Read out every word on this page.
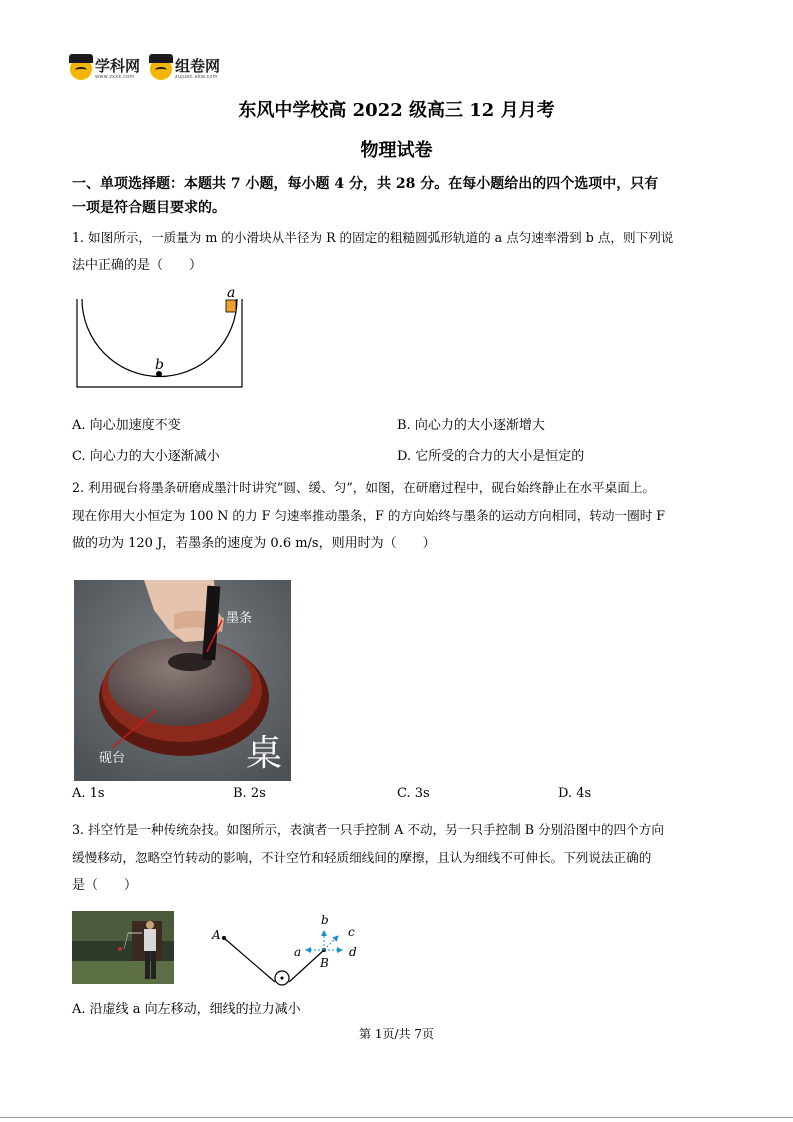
学科网
www.zxxk.com
组卷网
zujuan.xkw.com
东风中学校高 2022 级高三 12 月月考
物理试卷
一、单项选择题：本题共 7 小题，每小题 4 分，共 28 分。在每小题给出的四个选项中，只有
一项是符合题目要求的。
1. 如图所示，一质量为 m 的小滑块从半径为 R 的固定的粗糙圆弧形轨道的 a 点匀速率滑到 b 点，则下列说
法中正确的是（　　）
a
b
A. 向心加速度不变	B. 向心力的大小逐渐增大
C. 向心力的大小逐渐减小	D. 它所受的合力的大小是恒定的
2. 利用砚台将墨条研磨成墨汁时讲究“圆、缓、匀”，如图，在研磨过程中，砚台始终静止在水平桌面上。
现在你用大小恒定为 100 N 的力 F 匀速率推动墨条，F 的方向始终与墨条的运动方向相同，转动一圈时 F
做的功为 120 J，若墨条的速度为 0.6 m/s，则用时为（　　）
墨条
砚台	桌
A. 1s	B. 2s	C. 3s	D. 4s
3. 抖空竹是一种传统杂技。如图所示，表演者一只手控制 A 不动，另一只手控制 B 分别沿图中的四个方向
缓慢移动，忽略空竹转动的影响，不计空竹和轻质细线间的摩擦，且认为细线不可伸长。下列说法正确的
是（　　）
A
B
a
b
c
d
A. 沿虚线 a 向左移动，细线的拉力减小
第 1页/共 7页
